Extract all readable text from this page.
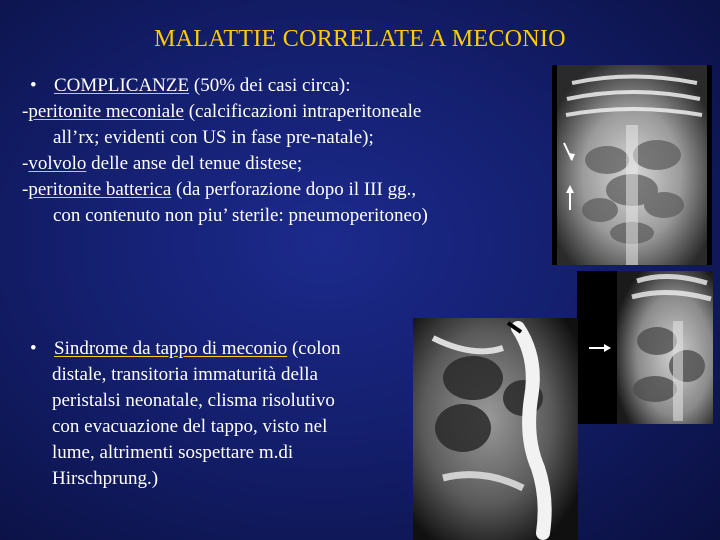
MALATTIE CORRELATE A MECONIO
• COMPLICANZE (50% dei casi circa):
-peritonite meconiale (calcificazioni intraperitoneale
all’rx; evidenti con US in fase pre-natale);
-volvolo delle anse del tenue distese;
-peritonite batterica (da perforazione dopo il III gg.,
con contenuto non piu’ sterile: pneumoperitoneo)
• Sindrome da tappo di meconio (colon
distale, transitoria immaturità della
peristalsi neonatale, clisma risolutivo
con evacuazione del tappo, visto nel
lume, altrimenti sospettare m.di
Hirschprung.)
